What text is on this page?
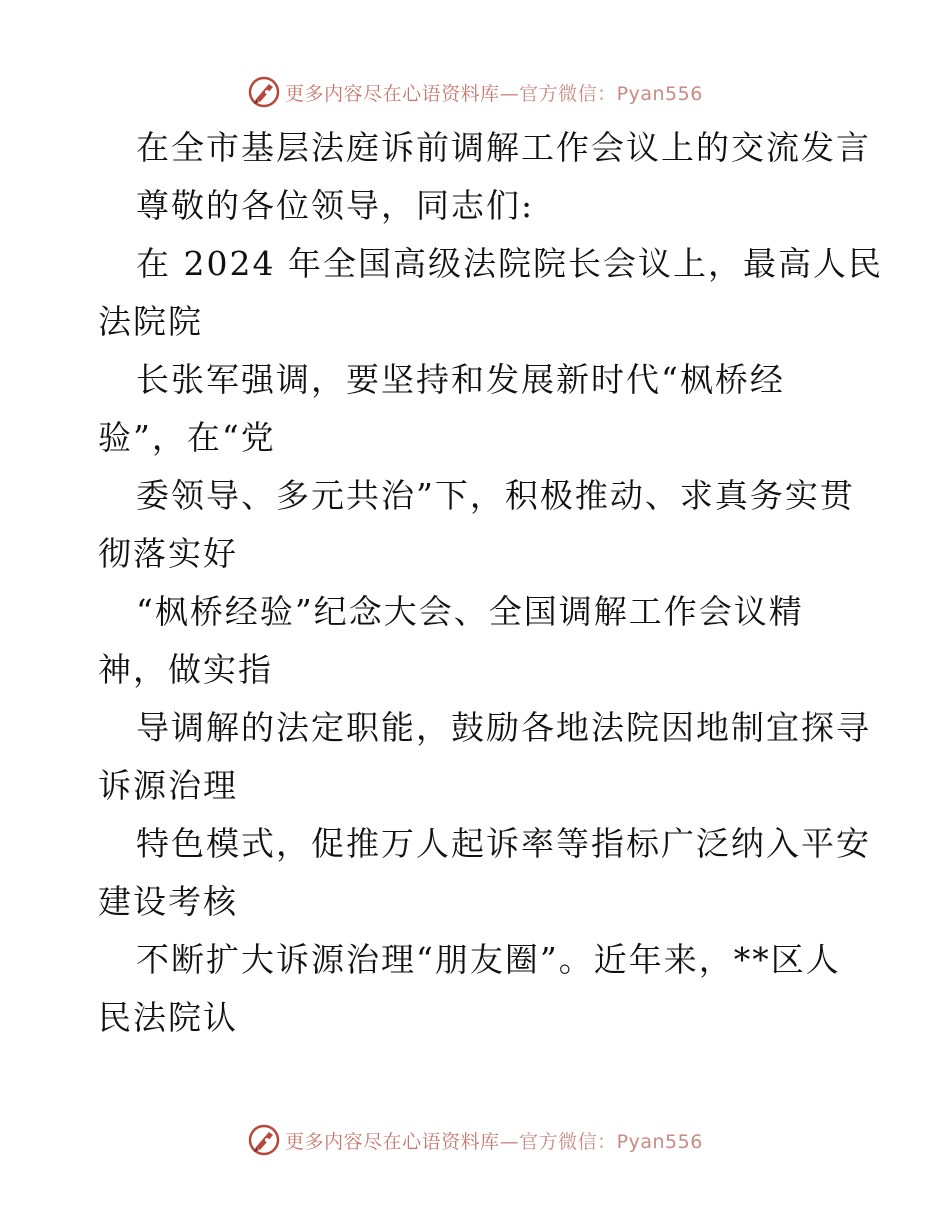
更多内容尽在心语资料库—官方微信：Pyan556
在全市基层法庭诉前调解工作会议上的交流发言
尊敬的各位领导，同志们:
在 2024 年全国高级法院院长会议上，最高人民
法院院
长张军强调，要坚持和发展新时代“枫桥经
验”，在“党
委领导、多元共治”下，积极推动、求真务实贯
彻落实好
“枫桥经验”纪念大会、全国调解工作会议精
神，做实指
导调解的法定职能，鼓励各地法院因地制宜探寻
诉源治理
特色模式，促推万人起诉率等指标广泛纳入平安
建设考核
不断扩大诉源治理“朋友圈”。近年来，**区人
民法院认
更多内容尽在心语资料库—官方微信：Pyan556
